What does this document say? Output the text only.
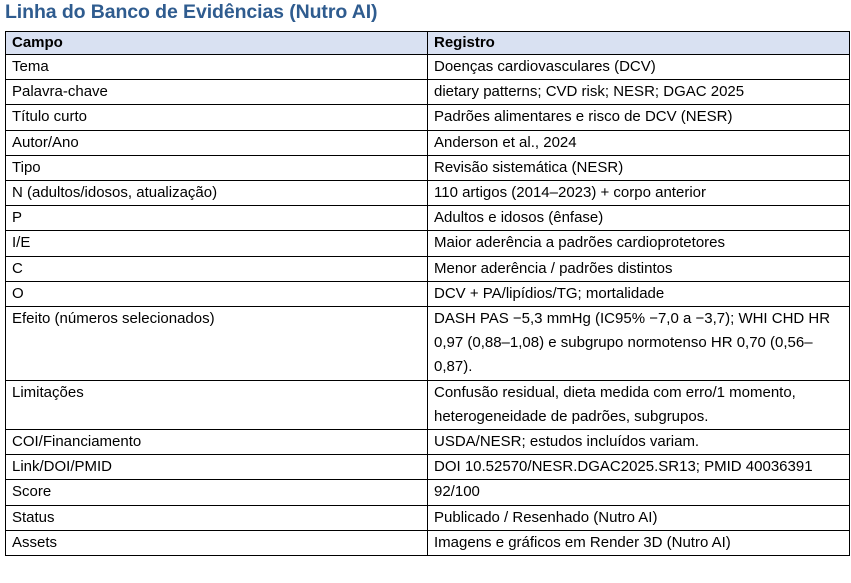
Linha do Banco de Evidências (Nutro AI)
Campo	Registro
Tema	Doenças cardiovasculares (DCV)
Palavra-chave	dietary patterns; CVD risk; NESR; DGAC 2025
Título curto	Padrões alimentares e risco de DCV (NESR)
Autor/Ano	Anderson et al., 2024
Tipo	Revisão sistemática (NESR)
N (adultos/idosos, atualização)	110 artigos (2014–2023) + corpo anterior
P	Adultos e idosos (ênfase)
I/E	Maior aderência a padrões cardioprotetores
C	Menor aderência / padrões distintos
O	DCV + PA/lipídios/TG; mortalidade
Efeito (números selecionados)	DASH PAS −5,3 mmHg (IC95% −7,0 a −3,7); WHI CHD HR 0,97 (0,88–1,08) e subgrupo normotenso HR 0,70 (0,56–0,87).
Limitações	Confusão residual, dieta medida com erro/1 momento, heterogeneidade de padrões, subgrupos.
COI/Financiamento	USDA/NESR; estudos incluídos variam.
Link/DOI/PMID	DOI 10.52570/NESR.DGAC2025.SR13; PMID 40036391
Score	92/100
Status	Publicado / Resenhado (Nutro AI)
Assets	Imagens e gráficos em Render 3D (Nutro AI)
